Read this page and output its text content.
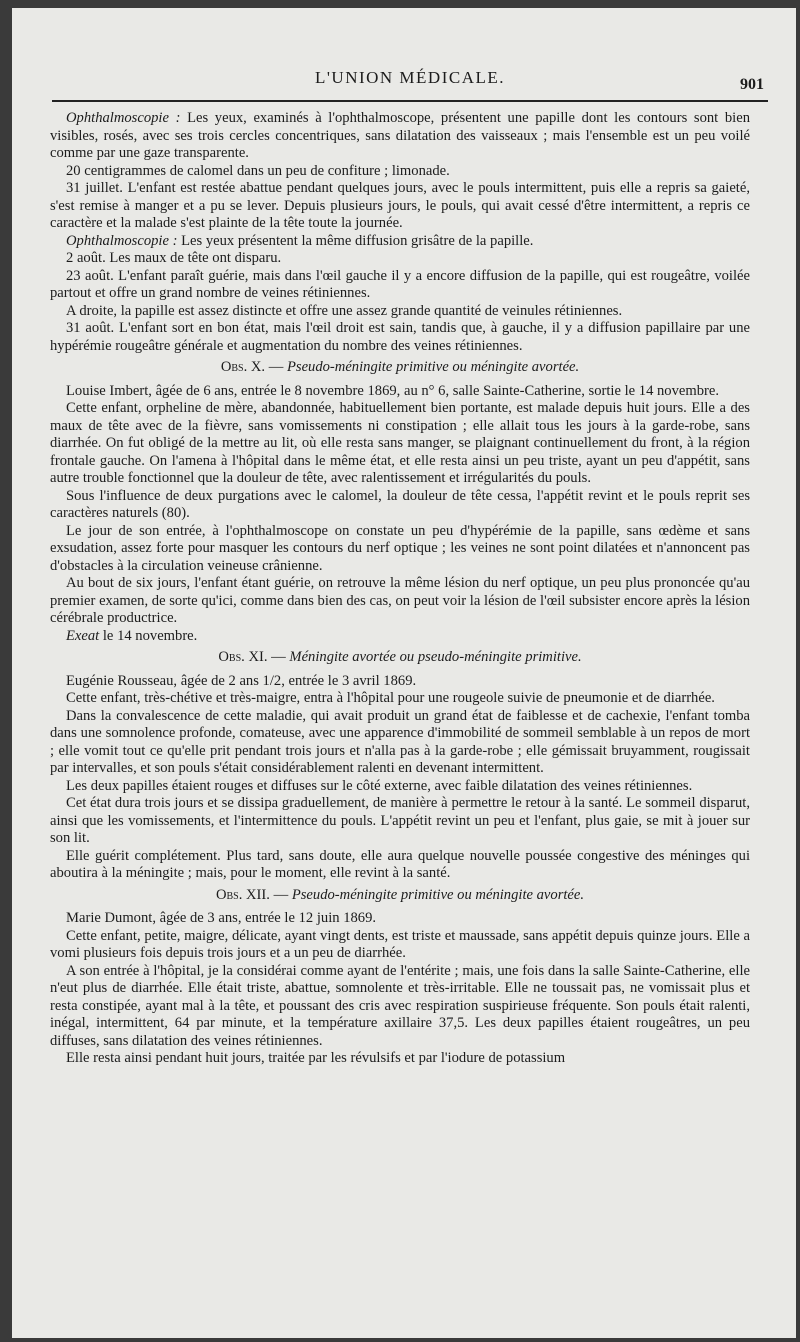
L'UNION MÉDICALE.	901

Ophthalmoscopie : Les yeux, examinés à l'ophthalmoscope, présentent une papille dont les contours sont bien visibles, rosés, avec ses trois cercles concentriques, sans dilatation des vaisseaux ; mais l'ensemble est un peu voilé comme par une gaze transparente.

20 centigrammes de calomel dans un peu de confiture ; limonade.

31 juillet. L'enfant est restée abattue pendant quelques jours, avec le pouls intermittent, puis elle a repris sa gaieté, s'est remise à manger et a pu se lever. Depuis plusieurs jours, le pouls, qui avait cessé d'être intermittent, a repris ce caractère et la malade s'est plainte de la tête toute la journée.

Ophthalmoscopie : Les yeux présentent la même diffusion grisâtre de la papille.

2 août. Les maux de tête ont disparu.

23 août. L'enfant paraît guérie, mais dans l'œil gauche il y a encore diffusion de la papille, qui est rougeâtre, voilée partout et offre un grand nombre de veines rétiniennes.

A droite, la papille est assez distincte et offre une assez grande quantité de veinules rétiniennes.

31 août. L'enfant sort en bon état, mais l'œil droit est sain, tandis que, à gauche, il y a diffusion papillaire par une hypérémie rougeâtre générale et augmentation du nombre des veines rétiniennes.

Obs. X. — Pseudo-méningite primitive ou méningite avortée.

Louise Imbert, âgée de 6 ans, entrée le 8 novembre 1869, au n° 6, salle Sainte-Catherine, sortie le 14 novembre.

Cette enfant, orpheline de mère, abandonnée, habituellement bien portante, est malade depuis huit jours. Elle a des maux de tête avec de la fièvre, sans vomissements ni constipation ; elle allait tous les jours à la garde-robe, sans diarrhée. On fut obligé de la mettre au lit, où elle resta sans manger, se plaignant continuellement du front, à la région frontale gauche. On l'amena à l'hôpital dans le même état, et elle resta ainsi un peu triste, ayant un peu d'appétit, sans autre trouble fonctionnel que la douleur de tête, avec ralentissement et irrégularités du pouls.

Sous l'influence de deux purgations avec le calomel, la douleur de tête cessa, l'appétit revint et le pouls reprit ses caractères naturels (80).

Le jour de son entrée, à l'ophthalmoscope on constate un peu d'hypérémie de la papille, sans œdème et sans exsudation, assez forte pour masquer les contours du nerf optique ; les veines ne sont point dilatées et n'annoncent pas d'obstacles à la circulation veineuse crânienne.

Au bout de six jours, l'enfant étant guérie, on retrouve la même lésion du nerf optique, un peu plus prononcée qu'au premier examen, de sorte qu'ici, comme dans bien des cas, on peut voir la lésion de l'œil subsister encore après la lésion cérébrale productrice.

Exeat le 14 novembre.

Obs. XI. — Méningite avortée ou pseudo-méningite primitive.

Eugénie Rousseau, âgée de 2 ans 1/2, entrée le 3 avril 1869.

Cette enfant, très-chétive et très-maigre, entra à l'hôpital pour une rougeole suivie de pneumonie et de diarrhée.

Dans la convalescence de cette maladie, qui avait produit un grand état de faiblesse et de cachexie, l'enfant tomba dans une somnolence profonde, comateuse, avec une apparence d'immobilité de sommeil semblable à un repos de mort ; elle vomit tout ce qu'elle prit pendant trois jours et n'alla pas à la garde-robe ; elle gémissait bruyamment, rougissait par intervalles, et son pouls s'était considérablement ralenti en devenant intermittent.

Les deux papilles étaient rouges et diffuses sur le côté externe, avec faible dilatation des veines rétiniennes.

Cet état dura trois jours et se dissipa graduellement, de manière à permettre le retour à la santé. Le sommeil disparut, ainsi que les vomissements, et l'intermittence du pouls. L'appétit revint un peu et l'enfant, plus gaie, se mit à jouer sur son lit.

Elle guérit complétement. Plus tard, sans doute, elle aura quelque nouvelle poussée congestive des méninges qui aboutira à la méningite ; mais, pour le moment, elle revint à la santé.

Obs. XII. — Pseudo-méningite primitive ou méningite avortée.

Marie Dumont, âgée de 3 ans, entrée le 12 juin 1869.

Cette enfant, petite, maigre, délicate, ayant vingt dents, est triste et maussade, sans appétit depuis quinze jours. Elle a vomi plusieurs fois depuis trois jours et a un peu de diarrhée.

A son entrée à l'hôpital, je la considérai comme ayant de l'entérite ; mais, une fois dans la salle Sainte-Catherine, elle n'eut plus de diarrhée. Elle était triste, abattue, somnolente et très-irritable. Elle ne toussait pas, ne vomissait plus et resta constipée, ayant mal à la tête, et poussant des cris avec respiration suspirieuse fréquente. Son pouls était ralenti, inégal, intermittent, 64 par minute, et la température axillaire 37,5. Les deux papilles étaient rougeâtres, un peu diffuses, sans dilatation des veines rétiniennes.

Elle resta ainsi pendant huit jours, traitée par les révulsifs et par l'iodure de potassium
